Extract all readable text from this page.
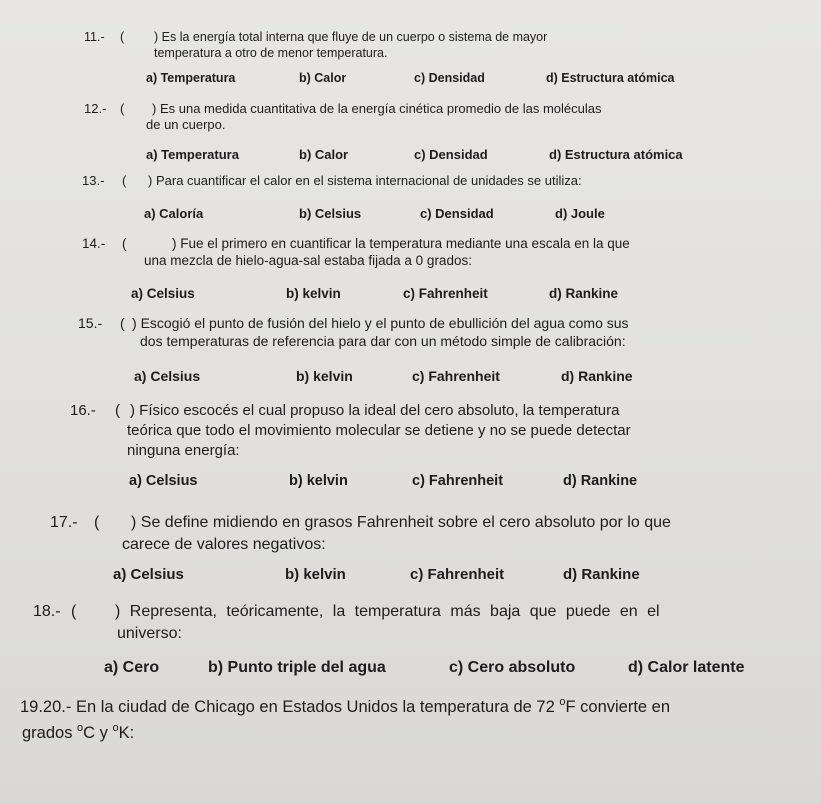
11.- ( ) Es la energía total interna que fluye de un cuerpo o sistema de mayor
temperatura a otro de menor temperatura.
a) Temperatura	b) Calor	c) Densidad	d) Estructura atómica
12.- ( ) Es una medida cuantitativa de la energía cinética promedio de las moléculas
de un cuerpo.
a) Temperatura	b) Calor	c) Densidad	d) Estructura atómica
13.- ( ) Para cuantificar el calor en el sistema internacional de unidades se utiliza:
a) Caloría	b) Celsius	c) Densidad	d) Joule
14.- (	) Fue el primero en cuantificar la temperatura mediante una escala en la que
una mezcla de hielo-agua-sal estaba fijada a 0 grados:
a) Celsius	b) kelvin	c) Fahrenheit	d) Rankine
15.- ( ) Escogió el punto de fusión del hielo y el punto de ebullición del agua como sus
dos temperaturas de referencia para dar con un método simple de calibración:
a) Celsius	b) kelvin	c) Fahrenheit	d) Rankine
16.- ( ) Físico escocés el cual propuso la ideal del cero absoluto, la temperatura
teórica que todo el movimiento molecular se detiene y no se puede detectar
ninguna energía:
a) Celsius	b) kelvin	c) Fahrenheit	d) Rankine
17.- ( ) Se define midiendo en grasos Fahrenheit sobre el cero absoluto por lo que
carece de valores negativos:
a) Celsius	b) kelvin	c) Fahrenheit	d) Rankine
18.- ( ) Representa, teóricamente, la temperatura más baja que puede en el
universo:
a) Cero	b) Punto triple del agua	c) Cero absoluto	d) Calor latente
19.20.- En la ciudad de Chicago en Estados Unidos la temperatura de 72 $^o$F convierte en
grados $^o$C y $^o$K:
